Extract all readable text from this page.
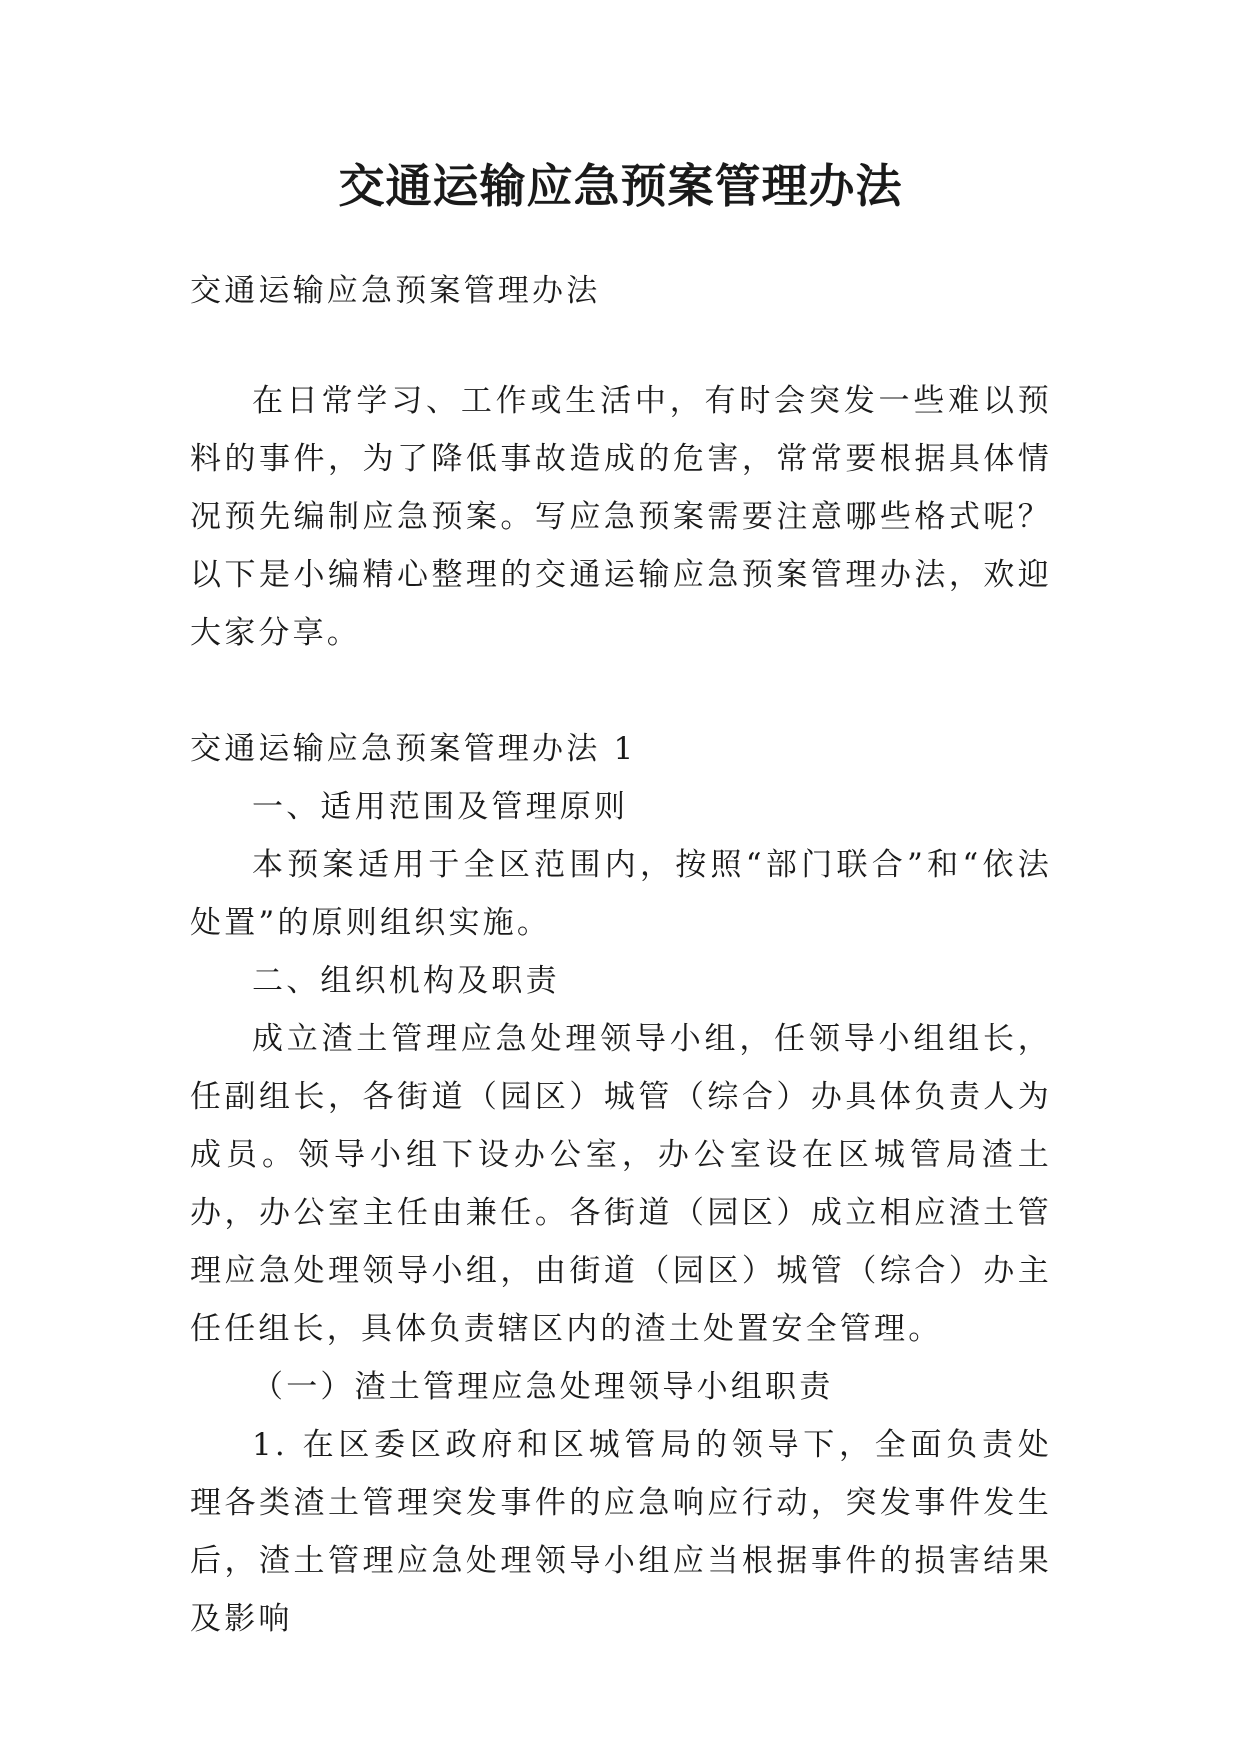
交通运输应急预案管理办法

交通运输应急预案管理办法

在日常学习、工作或生活中，有时会突发一些难以预料的事件，为了降低事故造成的危害，常常要根据具体情况预先编制应急预案。写应急预案需要注意哪些格式呢？以下是小编精心整理的交通运输应急预案管理办法，欢迎大家分享。

交通运输应急预案管理办法 1

一、适用范围及管理原则

本预案适用于全区范围内，按照“部门联合”和“依法处置”的原则组织实施。

二、组织机构及职责

成立渣土管理应急处理领导小组，任领导小组组长，任副组长，各街道（园区）城管（综合）办具体负责人为成员。领导小组下设办公室，办公室设在区城管局渣土办，办公室主任由兼任。各街道（园区）成立相应渣土管理应急处理领导小组，由街道（园区）城管（综合）办主任任组长，具体负责辖区内的渣土处置安全管理。

（一）渣土管理应急处理领导小组职责

1. 在区委区政府和区城管局的领导下，全面负责处理各类渣土管理突发事件的应急响应行动，突发事件发生后，渣土管理应急处理领导小组应当根据事件的损害结果及影响
